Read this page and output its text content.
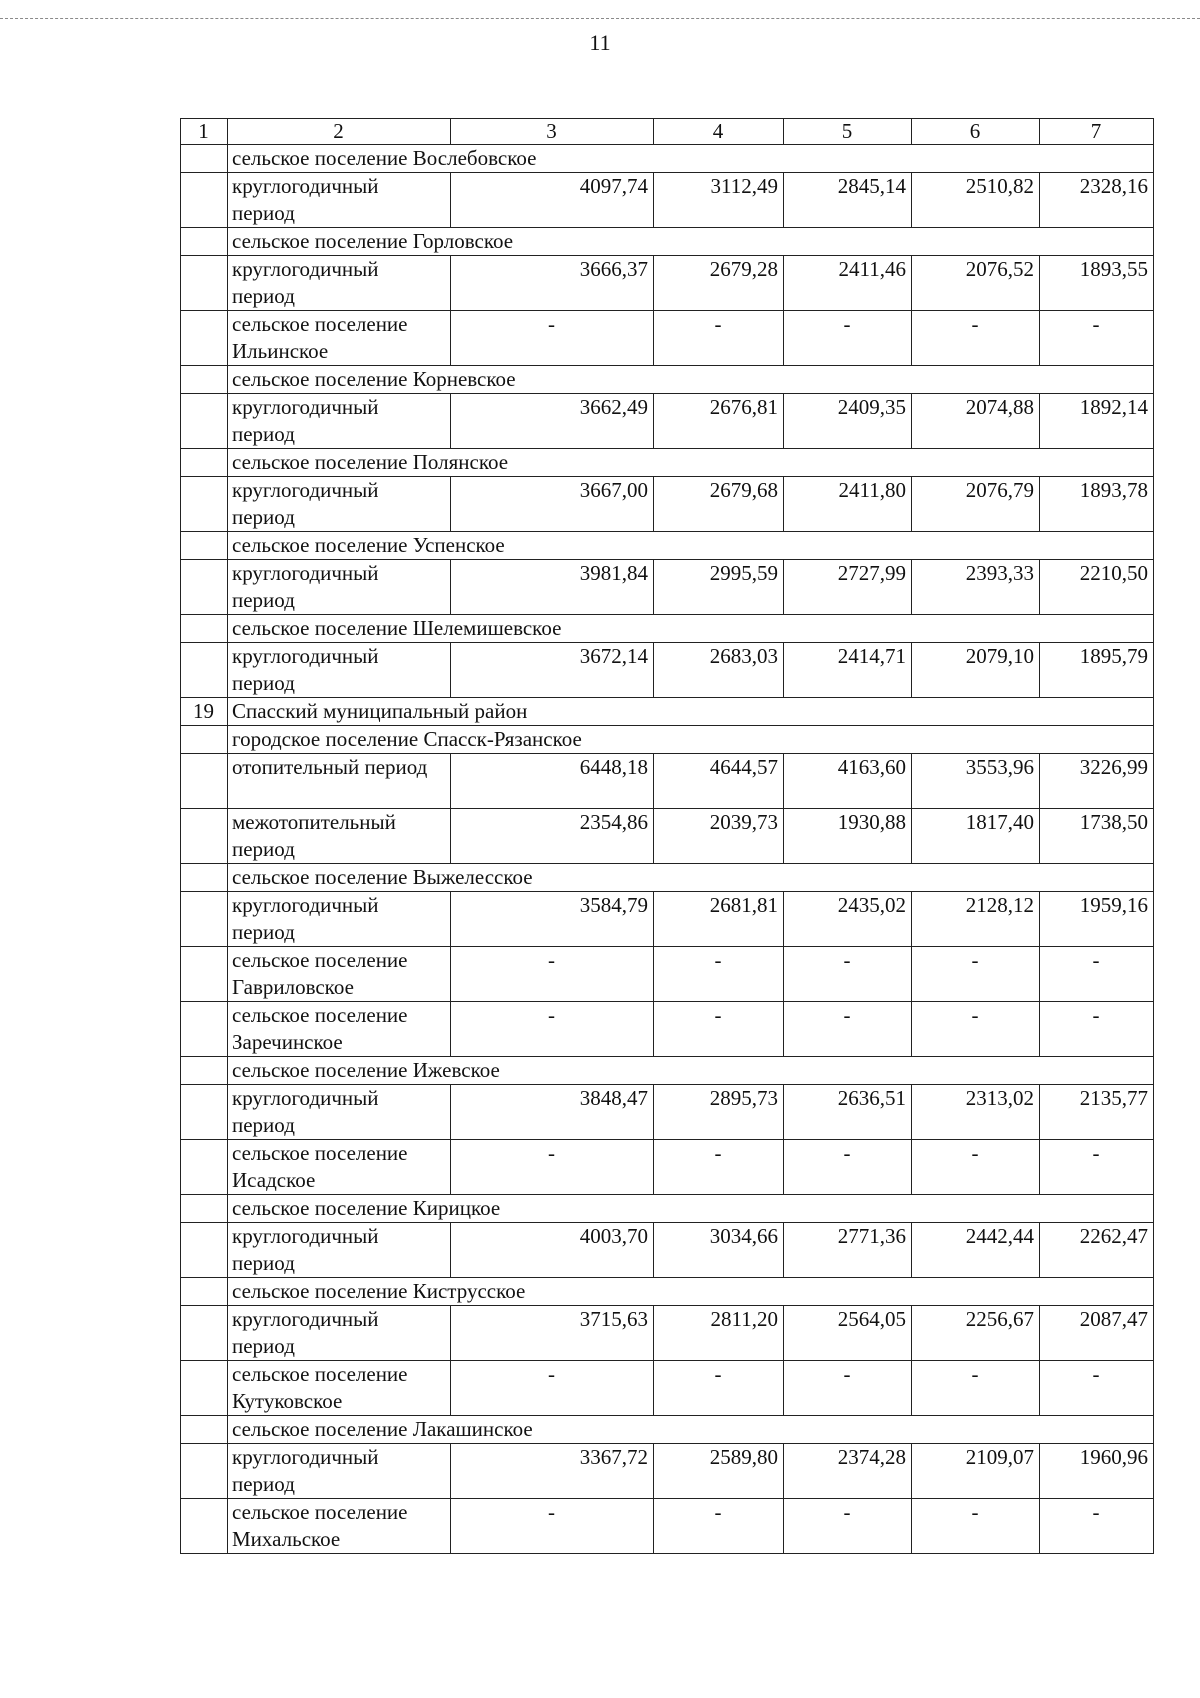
11
1	2	3	4	5	6	7
	сельское поселение Вослебовское					
	круглогодичный период	4097,74	3112,49	2845,14	2510,82	2328,16
	сельское поселение Горловское					
	круглогодичный период	3666,37	2679,28	2411,46	2076,52	1893,55
	сельское поселение Ильинское	-	-	-	-	-
	сельское поселение Корневское					
	круглогодичный период	3662,49	2676,81	2409,35	2074,88	1892,14
	сельское поселение Полянское					
	круглогодичный период	3667,00	2679,68	2411,80	2076,79	1893,78
	сельское поселение Успенское					
	круглогодичный период	3981,84	2995,59	2727,99	2393,33	2210,50
	сельское поселение Шелемишевское					
	круглогодичный период	3672,14	2683,03	2414,71	2079,10	1895,79
19	Спасский муниципальный район					
	городское поселение Спасск-Рязанское					
	отопительный период	6448,18	4644,57	4163,60	3553,96	3226,99
	межотопительный период	2354,86	2039,73	1930,88	1817,40	1738,50
	сельское поселение Выжелесское					
	круглогодичный период	3584,79	2681,81	2435,02	2128,12	1959,16
	сельское поселение Гавриловское	-	-	-	-	-
	сельское поселение Заречинское	-	-	-	-	-
	сельское поселение Ижевское					
	круглогодичный период	3848,47	2895,73	2636,51	2313,02	2135,77
	сельское поселение Исадское	-	-	-	-	-
	сельское поселение Кирицкое					
	круглогодичный период	4003,70	3034,66	2771,36	2442,44	2262,47
	сельское поселение Киструсское					
	круглогодичный период	3715,63	2811,20	2564,05	2256,67	2087,47
	сельское поселение Кутуковское	-	-	-	-	-
	сельское поселение Лакашинское					
	круглогодичный период	3367,72	2589,80	2374,28	2109,07	1960,96
	сельское поселение Михальское	-	-	-	-	-
